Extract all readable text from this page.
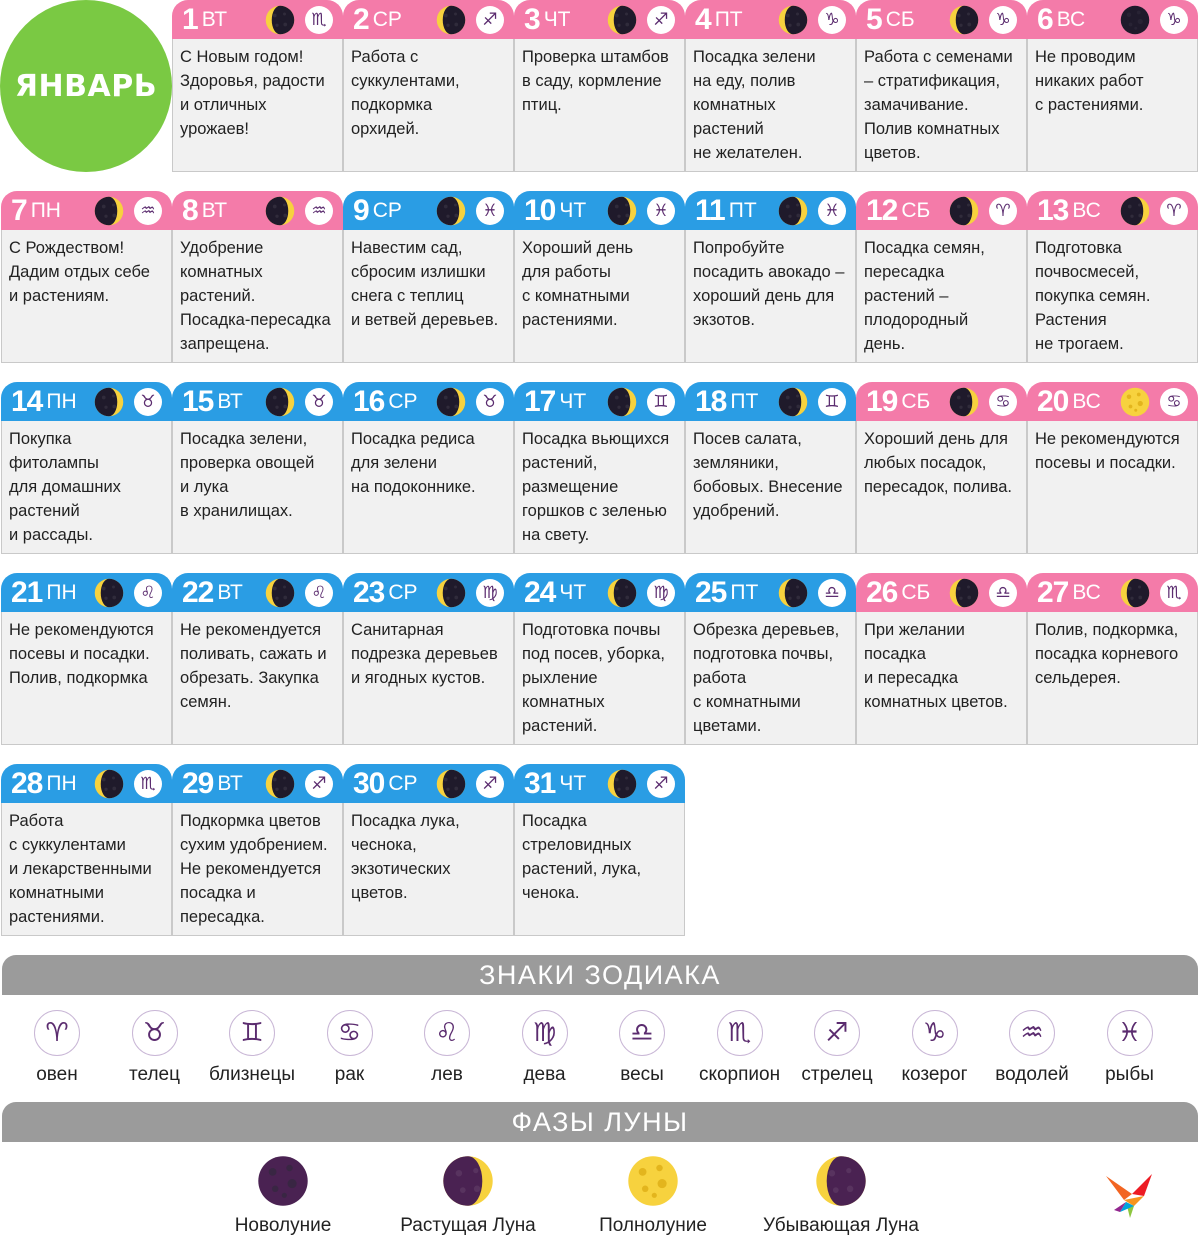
ЯНВАРЬ
1 ВТ	♏︎
С Новым годом!
Здоровья, радости
и отличных
урожаев!
2 СР	♐︎
Работа с
суккулентами,
подкормка
орхидей.
3 ЧТ	♐︎
Проверка штамбов
в саду, кормление
птиц.
4 ПТ	♑︎
Посадка зелени
на еду, полив
комнатных
растений
не желателен.
5 СБ	♑︎
Работа с семенами
– стратификация,
замачивание.
Полив комнатных
цветов.
6 ВС	♑︎
Не проводим
никаких работ
с растениями.
7 ПН	♒︎
С Рождеством!
Дадим отдых себе
и растениям.
8 ВТ	♒︎
Удобрение
комнатных
растений.
Посадка-пересадка
запрещена.
9 СР	♓︎
Навестим сад,
сбросим излишки
снега с теплиц
и ветвей деревьев.
10 ЧТ	♓︎
Хороший день
для работы
с комнатными
растениями.
11 ПТ	♓︎
Попробуйте
посадить авокадо –
хороший день для
экзотов.
12 СБ	♈︎
Посадка семян,
пересадка
растений –
плодородный
день.
13 ВС	♈︎
Подготовка
почвосмесей,
покупка семян.
Растения
не трогаем.
14 ПН	♉︎
Покупка
фитолампы
для домашних
растений
и рассады.
15 ВТ	♉︎
Посадка зелени,
проверка овощей
и лука
в хранилищах.
16 СР	♉︎
Посадка редиса
для зелени
на подоконнике.
17 ЧТ	♊︎
Посадка вьющихся
растений,
размещение
горшков с зеленью
на свету.
18 ПТ	♊︎
Посев салата,
земляники,
бобовых. Внесение
удобрений.
19 СБ	♋︎
Хороший день для
любых посадок,
пересадок, полива.
20 ВС	♋︎
Не рекомендуются
посевы и посадки.
21 ПН	♌︎
Не рекомендуются
посевы и посадки.
Полив, подкормка
22 ВТ	♌︎
Не рекомендуется
поливать, сажать и
обрезать. Закупка
семян.
23 СР	♍︎
Санитарная
подрезка деревьев
и ягодных кустов.
24 ЧТ	♍︎
Подготовка почвы
под посев, уборка,
рыхление
комнатных
растений.
25 ПТ	♎︎
Обрезка деревьев,
подготовка почвы,
работа
с комнатными
цветами.
26 СБ	♎︎
При желании
посадка
и пересадка
комнатных цветов.
27 ВС	♏︎
Полив, подкормка,
посадка корневого
сельдерея.
28 ПН	♏︎
Работа
с суккулентами
и лекарственными
комнатными
растениями.
29 ВТ	♐︎
Подкормка цветов
сухим удобрением.
Не рекомендуется
посадка и
пересадка.
30 СР	♐︎
Посадка лука,
чеснока,
экзотических
цветов.
31 ЧТ	♐︎
Посадка
стреловидных
растений, лука,
ченока.
ЗНАКИ ЗОДИАКА
♈︎
овен
♉︎
телец
♊︎
близнецы
♋︎
рак
♌︎
лев
♍︎
дева
♎︎
весы
♏︎
скорпион
♐︎
стрелец
♑︎
козерог
♒︎
водолей
♓︎
рыбы
ФАЗЫ ЛУНЫ
Новолуние	Растущая Луна	Полнолуние	Убывающая Луна
